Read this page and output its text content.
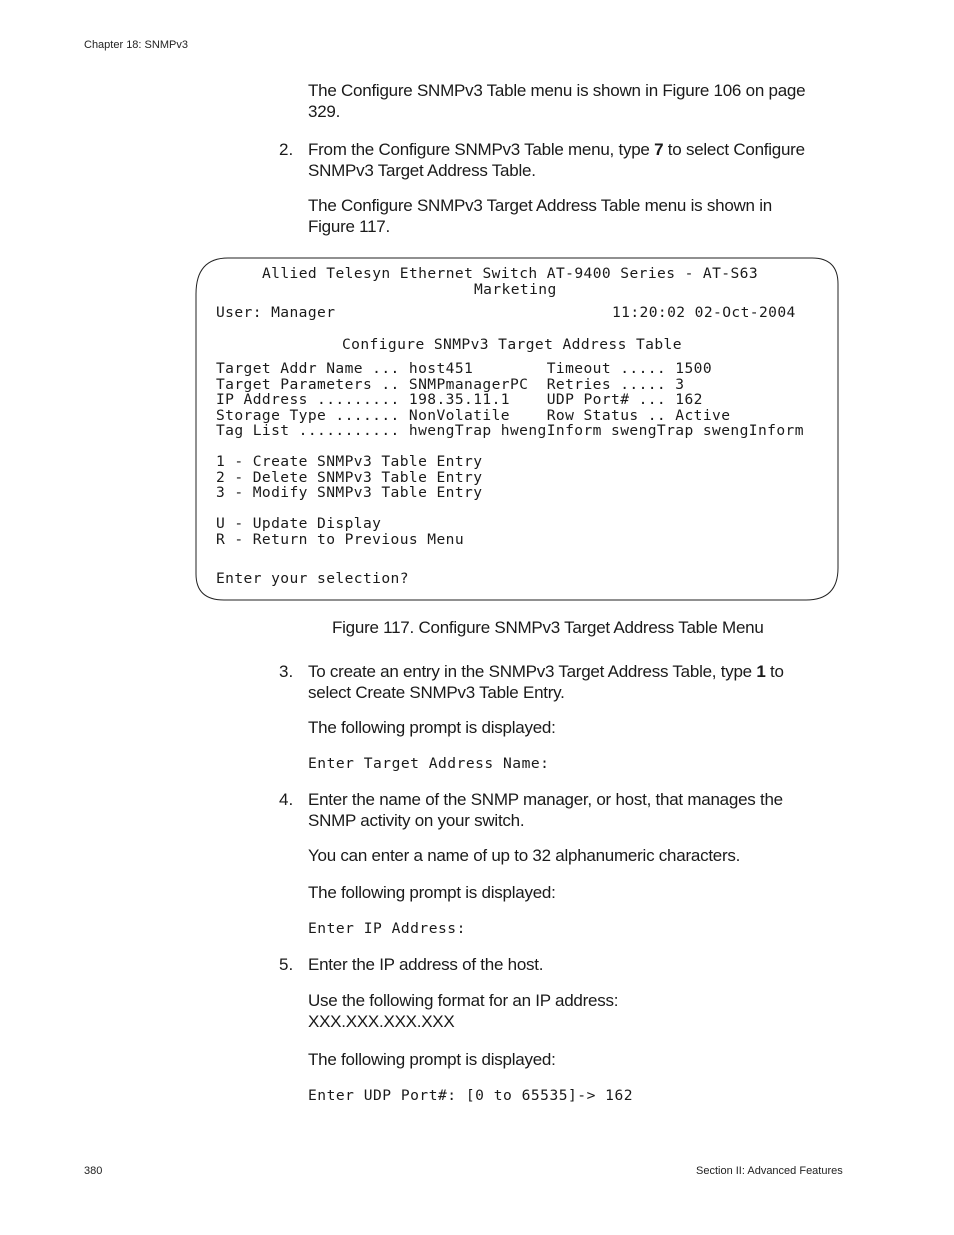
Chapter 18: SNMPv3
The Configure SNMPv3 Table menu is shown in Figure 106 on page 329.
2. From the Configure SNMPv3 Table menu, type 7 to select Configure SNMPv3 Target Address Table.
The Configure SNMPv3 Target Address Table menu is shown in Figure 117.
Allied Telesyn Ethernet Switch AT-9400 Series - AT-S63
Marketing
User: Manager	11:20:02 02-Oct-2004
Configure SNMPv3 Target Address Table
Target Addr Name ... host451        Timeout ..... 1500
Target Parameters .. SNMPmanagerPC  Retries ..... 3
IP Address ......... 198.35.11.1    UDP Port# ... 162
Storage Type ....... NonVolatile    Row Status .. Active
Tag List ........... hwengTrap hwengInform swengTrap swengInform
1 - Create SNMPv3 Table Entry
2 - Delete SNMPv3 Table Entry
3 - Modify SNMPv3 Table Entry
U - Update Display
R - Return to Previous Menu
Enter your selection?
Figure 117. Configure SNMPv3 Target Address Table Menu
3. To create an entry in the SNMPv3 Target Address Table, type 1 to select Create SNMPv3 Table Entry.
The following prompt is displayed:
Enter Target Address Name:
4. Enter the name of the SNMP manager, or host, that manages the SNMP activity on your switch.
You can enter a name of up to 32 alphanumeric characters.
The following prompt is displayed:
Enter IP Address:
5. Enter the IP address of the host.
Use the following format for an IP address:
XXX.XXX.XXX.XXX
The following prompt is displayed:
Enter UDP Port#: [0 to 65535]-> 162
380	Section II: Advanced Features
